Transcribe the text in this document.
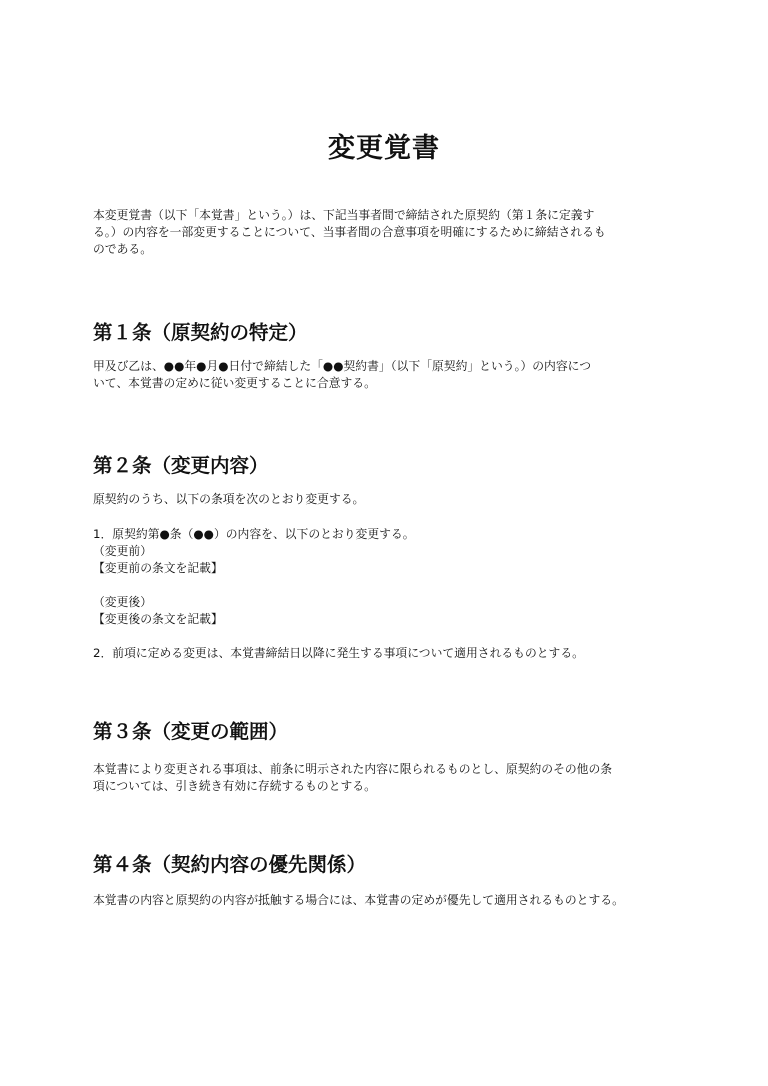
変更覚書
本変更覚書（以下「本覚書」という。）は、下記当事者間で締結された原契約（第１条に定義す
る。）の内容を一部変更することについて、当事者間の合意事項を明確にするために締結されるも
のである。
第１条（原契約の特定）
甲及び乙は、●●年●月●日付で締結した「●●契約書」（以下「原契約」という。）の内容につ
いて、本覚書の定めに従い変更することに合意する。
第２条（変更内容）
原契約のうち、以下の条項を次のとおり変更する。
1．原契約第●条（●●）の内容を、以下のとおり変更する。
（変更前）
【変更前の条文を記載】
（変更後）
【変更後の条文を記載】
2．前項に定める変更は、本覚書締結日以降に発生する事項について適用されるものとする。
第３条（変更の範囲）
本覚書により変更される事項は、前条に明示された内容に限られるものとし、原契約のその他の条
項については、引き続き有効に存続するものとする。
第４条（契約内容の優先関係）
本覚書の内容と原契約の内容が抵触する場合には、本覚書の定めが優先して適用されるものとする。
